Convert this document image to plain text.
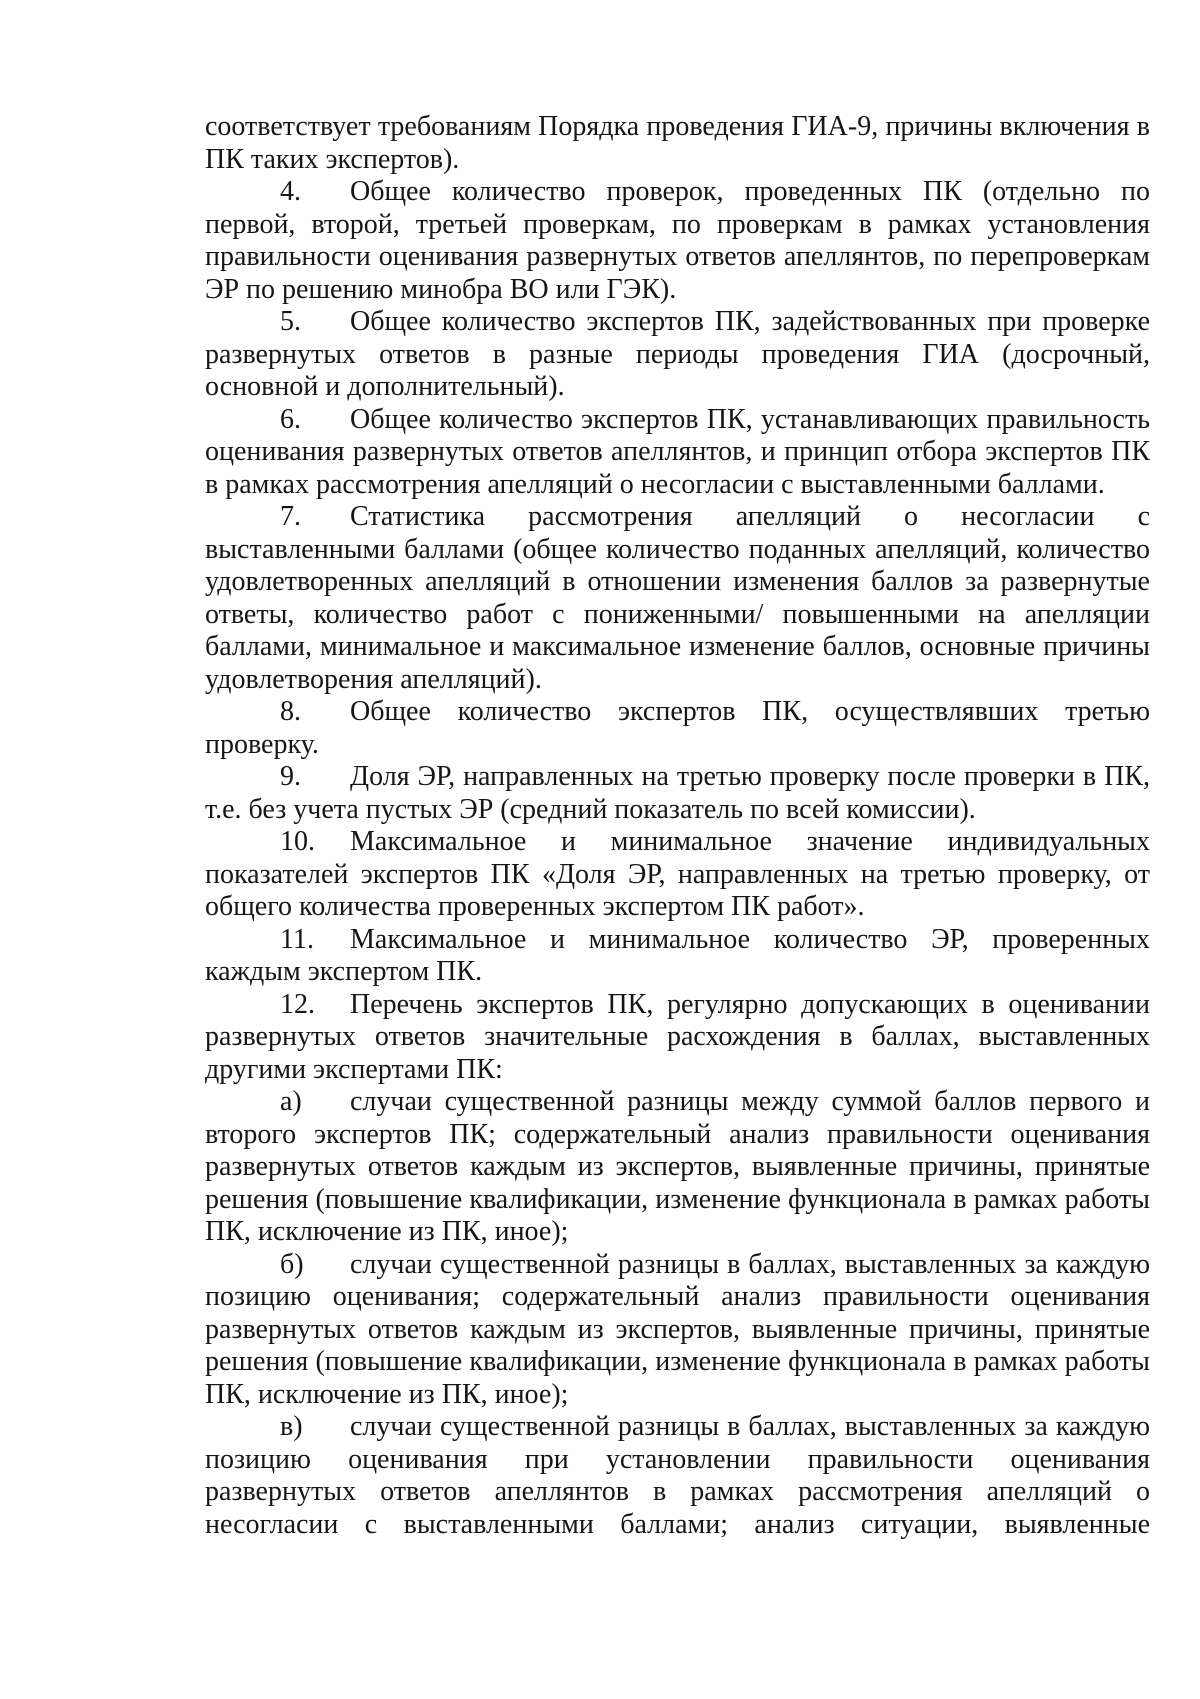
соответствует требованиям Порядка проведения ГИА-9, причины включения в ПК таких экспертов).

4. Общее количество проверок, проведенных ПК (отдельно по первой, второй, третьей проверкам, по проверкам в рамках установления правильности оценивания развернутых ответов апеллянтов, по перепроверкам ЭР по решению минобра ВО или ГЭК).

5. Общее количество экспертов ПК, задействованных при проверке развернутых ответов в разные периоды проведения ГИА (досрочный, основной и дополнительный).

6. Общее количество экспертов ПК, устанавливающих правильность оценивания развернутых ответов апеллянтов, и принцип отбора экспертов ПК в рамках рассмотрения апелляций о несогласии с выставленными баллами.

7. Статистика рассмотрения апелляций о несогласии с выставленными баллами (общее количество поданных апелляций, количество удовлетворенных апелляций в отношении изменения баллов за развернутые ответы, количество работ с пониженными/ повышенными на апелляции баллами, минимальное и максимальное изменение баллов, основные причины удовлетворения апелляций).

8. Общее количество экспертов ПК, осуществлявших третью проверку.

9. Доля ЭР, направленных на третью проверку после проверки в ПК, т.е. без учета пустых ЭР (средний показатель по всей комиссии).

10. Максимальное и минимальное значение индивидуальных показателей экспертов ПК «Доля ЭР, направленных на третью проверку, от общего количества проверенных экспертом ПК работ».

11. Максимальное и минимальное количество ЭР, проверенных каждым экспертом ПК.

12. Перечень экспертов ПК, регулярно допускающих в оценивании развернутых ответов значительные расхождения в баллах, выставленных другими экспертами ПК:

а) случаи существенной разницы между суммой баллов первого и второго экспертов ПК; содержательный анализ правильности оценивания развернутых ответов каждым из экспертов, выявленные причины, принятые решения (повышение квалификации, изменение функционала в рамках работы ПК, исключение из ПК, иное);

б) случаи существенной разницы в баллах, выставленных за каждую позицию оценивания; содержательный анализ правильности оценивания развернутых ответов каждым из экспертов, выявленные причины, принятые решения (повышение квалификации, изменение функционала в рамках работы ПК, исключение из ПК, иное);

в) случаи существенной разницы в баллах, выставленных за каждую позицию оценивания при установлении правильности оценивания развернутых ответов апеллянтов в рамках рассмотрения апелляций о несогласии с выставленными баллами; анализ ситуации, выявленные
